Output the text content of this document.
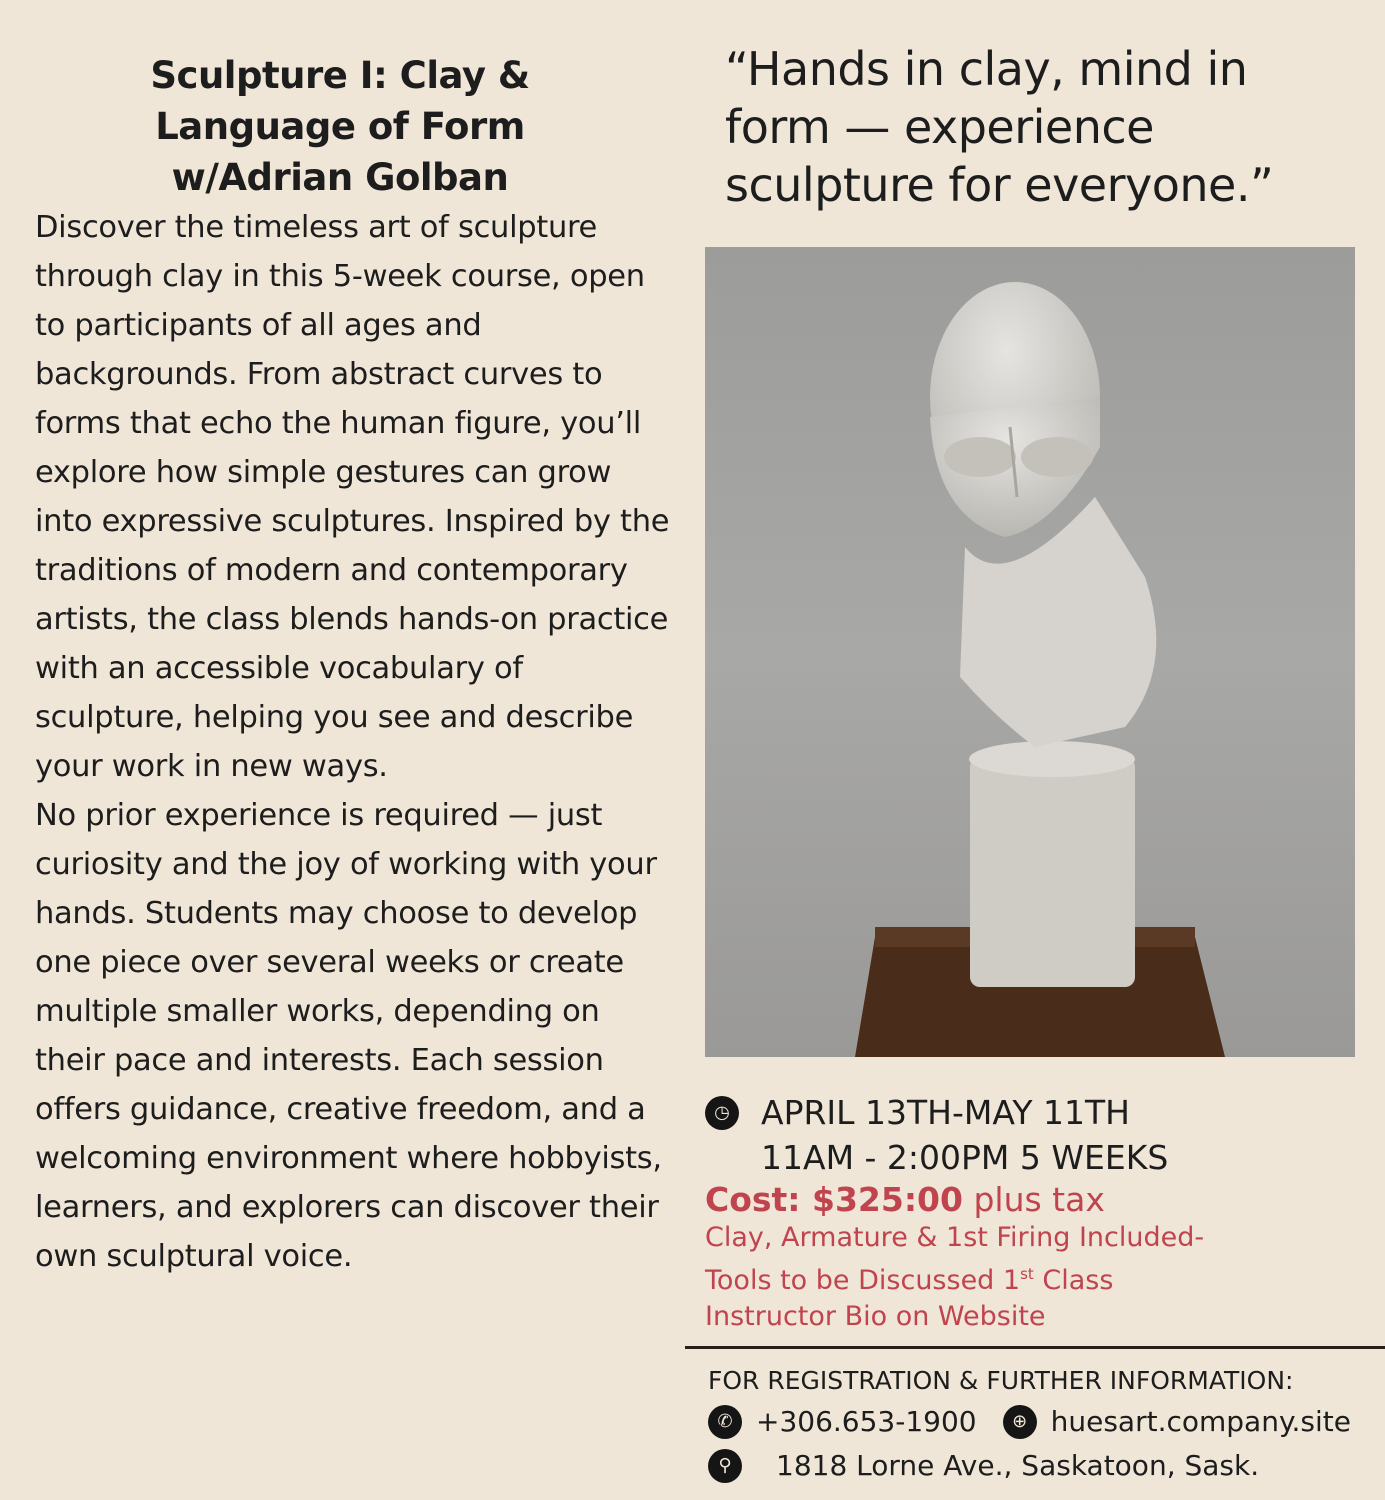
Sculpture I: Clay &
Language of Form
w/Adrian Golban

Discover the timeless art of sculpture through clay in this 5-week course, open to participants of all ages and backgrounds. From abstract curves to forms that echo the human figure, you’ll explore how simple gestures can grow into expressive sculptures. Inspired by the traditions of modern and contemporary artists, the class blends hands-on practice with an accessible vocabulary of sculpture, helping you see and describe your work in new ways.

No prior experience is required — just curiosity and the joy of working with your hands. Students may choose to develop one piece over several weeks or create multiple smaller works, depending on their pace and interests. Each session offers guidance, creative freedom, and a welcoming environment where hobbyists, learners, and explorers can discover their own sculptural voice.

“Hands in clay, mind in form — experience sculpture for everyone.”

◷ APRIL 13TH-MAY 11TH
11AM - 2:00PM 5 WEEKS
Cost: $325:00 plus tax
Clay, Armature & 1st Firing Included-
Tools to be Discussed 1st Class
Instructor Bio on Website
FOR REGISTRATION & FURTHER INFORMATION:
✆ +306.653-1900	⊕ huesart.company.site
⚲	1818 Lorne Ave., Saskatoon, Sask.
